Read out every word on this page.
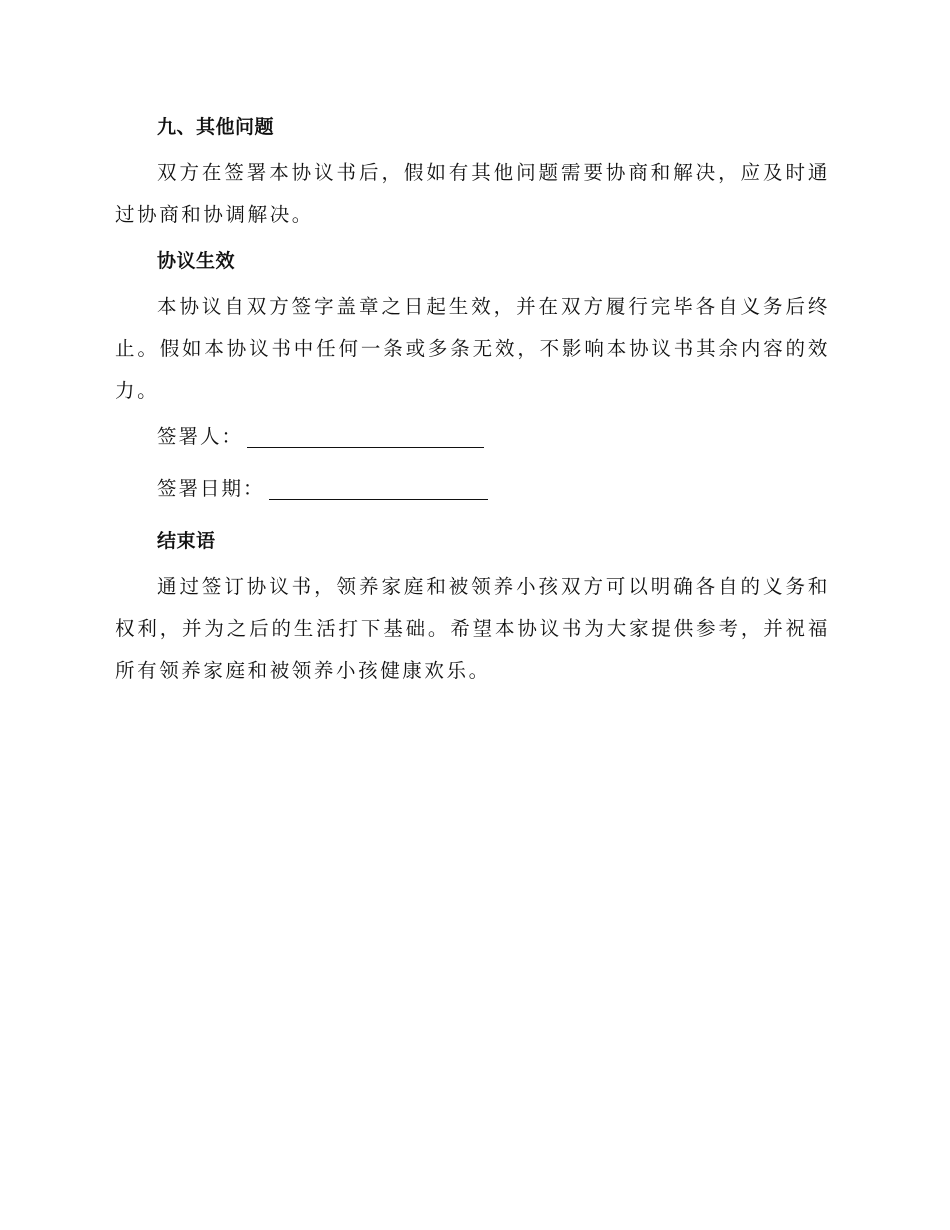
九、其他问题
双方在签署本协议书后，假如有其他问题需要协商和解决，应及时通过协商和协调解决。
协议生效
本协议自双方签字盖章之日起生效，并在双方履行完毕各自义务后终止。假如本协议书中任何一条或多条无效，不影响本协议书其余内容的效力。
签署人：
签署日期：
结束语
通过签订协议书，领养家庭和被领养小孩双方可以明确各自的义务和权利，并为之后的生活打下基础。希望本协议书为大家提供参考，并祝福所有领养家庭和被领养小孩健康欢乐。
